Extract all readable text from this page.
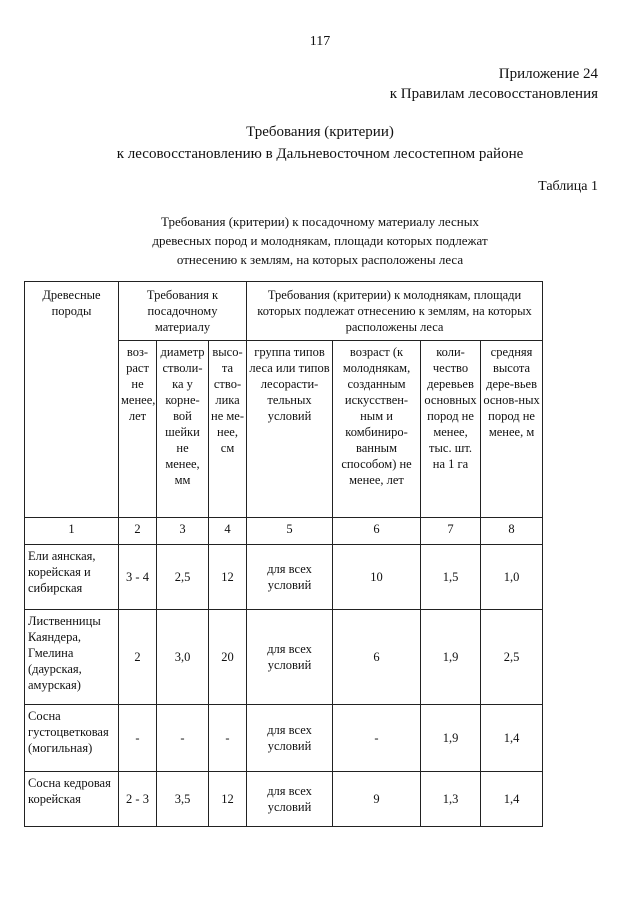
117
Приложение 24
к Правилам лесовосстановления
Требования (критерии)
к лесовосстановлению в Дальневосточном лесостепном районе
Таблица 1
Требования (критерии) к посадочному материалу лесных
древесных пород и молоднякам, площади которых подлежат
отнесению к землям, на которых расположены леса
Древесные породы	Требования к посадочному материалу			Требования (критерии) к молоднякам, площади которых подлежат отнесению к землям, на которых расположены леса			
	воз-раст не менее, лет	диаметр стволи-ка у корне-вой шейки не менее, мм	высо-та ство-лика не ме-нее, см	группа типов леса или типов лесорасти-тельных условий	возраст (к молоднякам, созданным искусствен-ным и комбиниро-ванным способом) не менее, лет	коли-чество деревьев основных пород не менее, тыс. шт. на 1 га	средняя высота дере-вьев основ-ных пород не менее, м
1	2	3	4	5	6	7	8
Ели аянская, корейская и сибирская	3 - 4	2,5	12	для всех условий	10	1,5	1,0
Лиственницы Каяндера, Гмелина (даурская, амурская)	2	3,0	20	для всех условий	6	1,9	2,5
Сосна густоцветковая (могильная)	-	-	-	для всех условий	-	1,9	1,4
Сосна кедровая корейская	2 - 3	3,5	12	для всех условий	9	1,3	1,4
